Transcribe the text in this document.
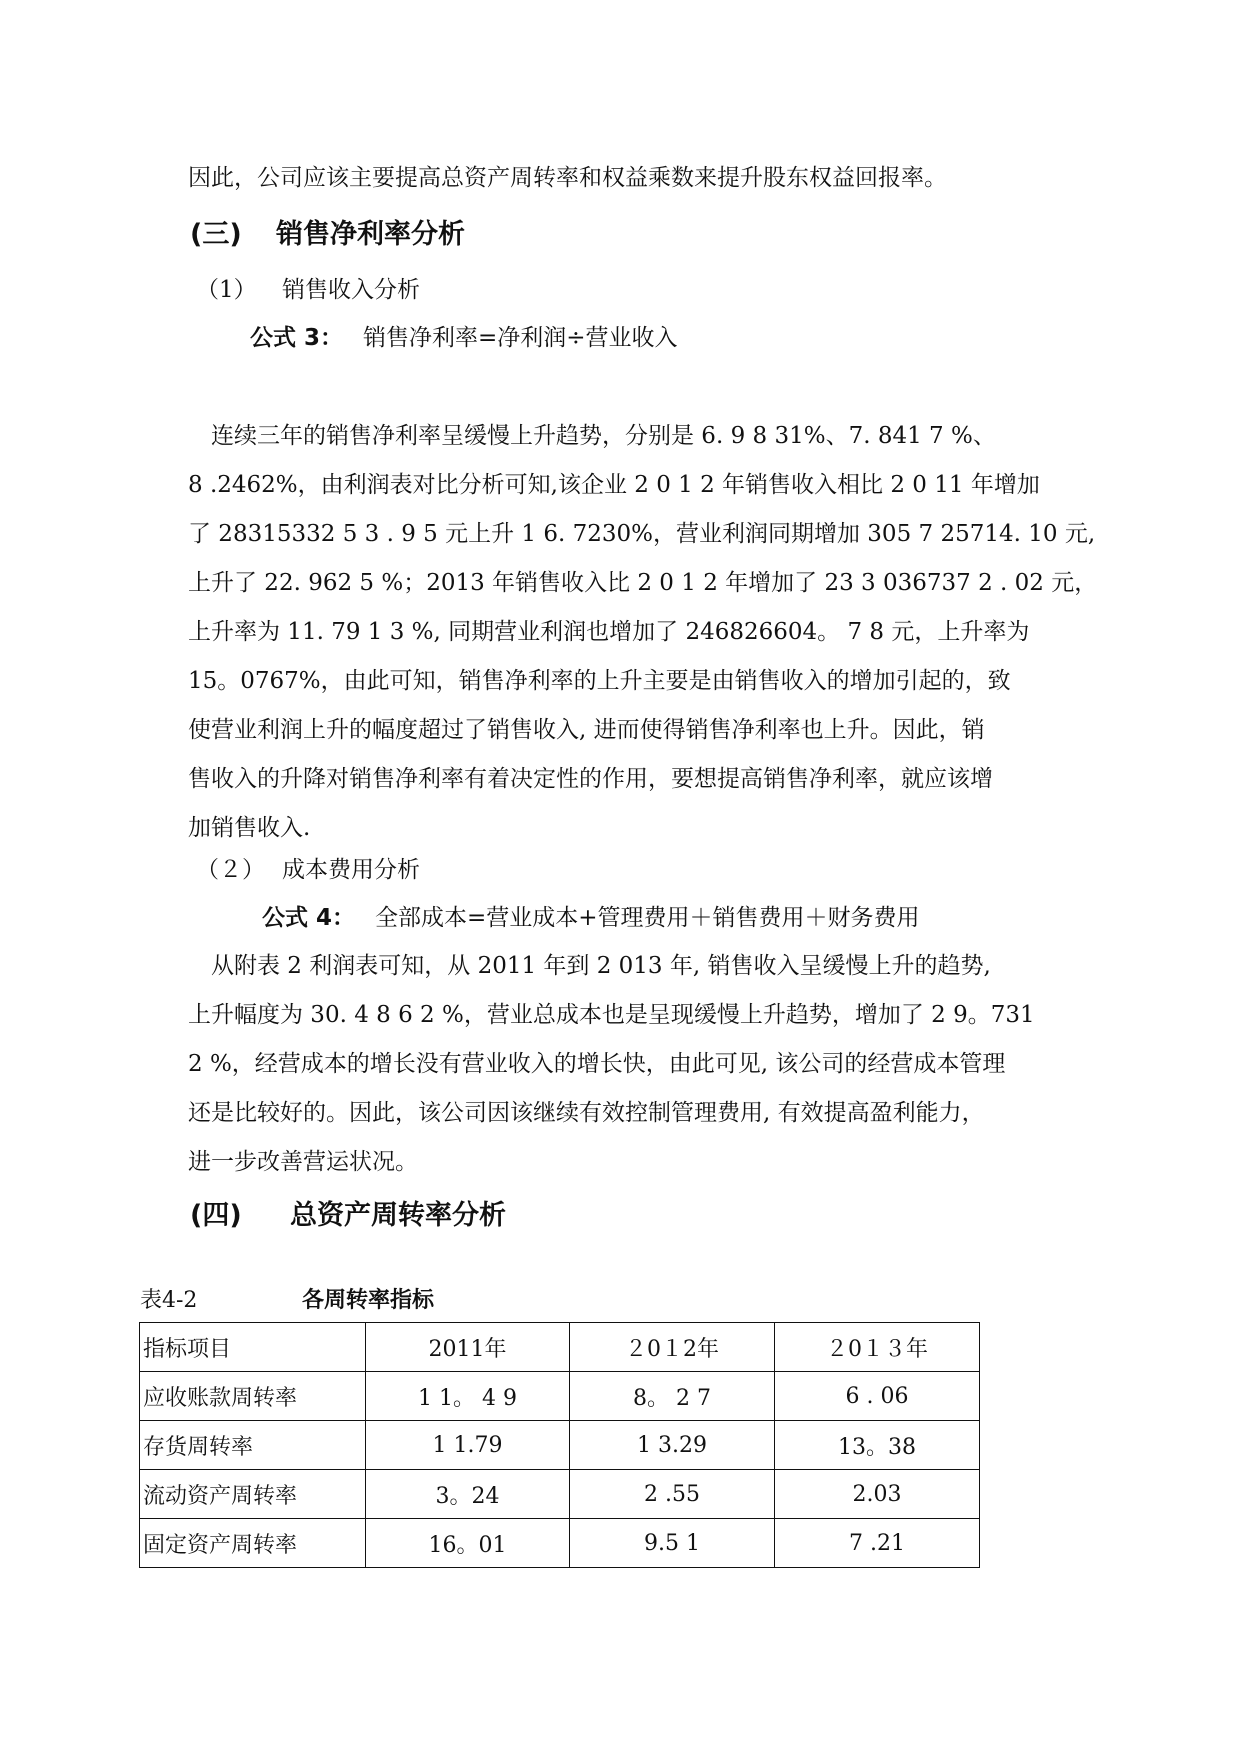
因此，公司应该主要提高总资产周转率和权益乘数来提升股东权益回报率。
(三) 销售净利率分析
（1） 销售收入分析
公式 3： 销售净利率=净利润÷营业收入
　连续三年的销售净利率呈缓慢上升趋势，分别是 6. 9 8 31%、7. 841 7 %、
8 .2462%，由利润表对比分析可知,该企业 2 0 1 2 年销售收入相比 2 0 11 年增加
了 28315332 5 3 . 9 5 元上升 1 6. 7230%，营业利润同期增加 305 7 25714. 10 元,
上升了 22. 962 5 %；2013 年销售收入比 2 0 1 2 年增加了 23 3 036737 2 . 02 元，
上升率为 11. 79 1 3 %, 同期营业利润也增加了 246826604。 7 8 元，上升率为
15。0767%，由此可知，销售净利率的上升主要是由销售收入的增加引起的，致
使营业利润上升的幅度超过了销售收入, 进而使得销售净利率也上升。因此，销
售收入的升降对销售净利率有着决定性的作用，要想提高销售净利率，就应该增
加销售收入.
（２） 成本费用分析
公式 4： 全部成本=营业成本+管理费用＋销售费用＋财务费用
　从附表 2 利润表可知，从 2011 年到 2 013 年, 销售收入呈缓慢上升的趋势,
上升幅度为 30. 4 8 6 2 %，营业总成本也是呈现缓慢上升趋势，增加了 2 9。731
2 %，经营成本的增长没有营业收入的增长快，由此可见, 该公司的经营成本管理
还是比较好的。因此，该公司因该继续有效控制管理费用, 有效提高盈利能力，
进一步改善营运状况。
(四) 总资产周转率分析
表4-2	各周转率指标
指标项目	2011年	２0１2年	２0１３年
应收账款周转率	1 1。 4 9	8。 2 7	6 . 06
存货周转率	1 1.79	1 3.29	13。38
流动资产周转率	3。24	2 .55	2.03
固定资产周转率	16。01	9.5 1	7 .21
